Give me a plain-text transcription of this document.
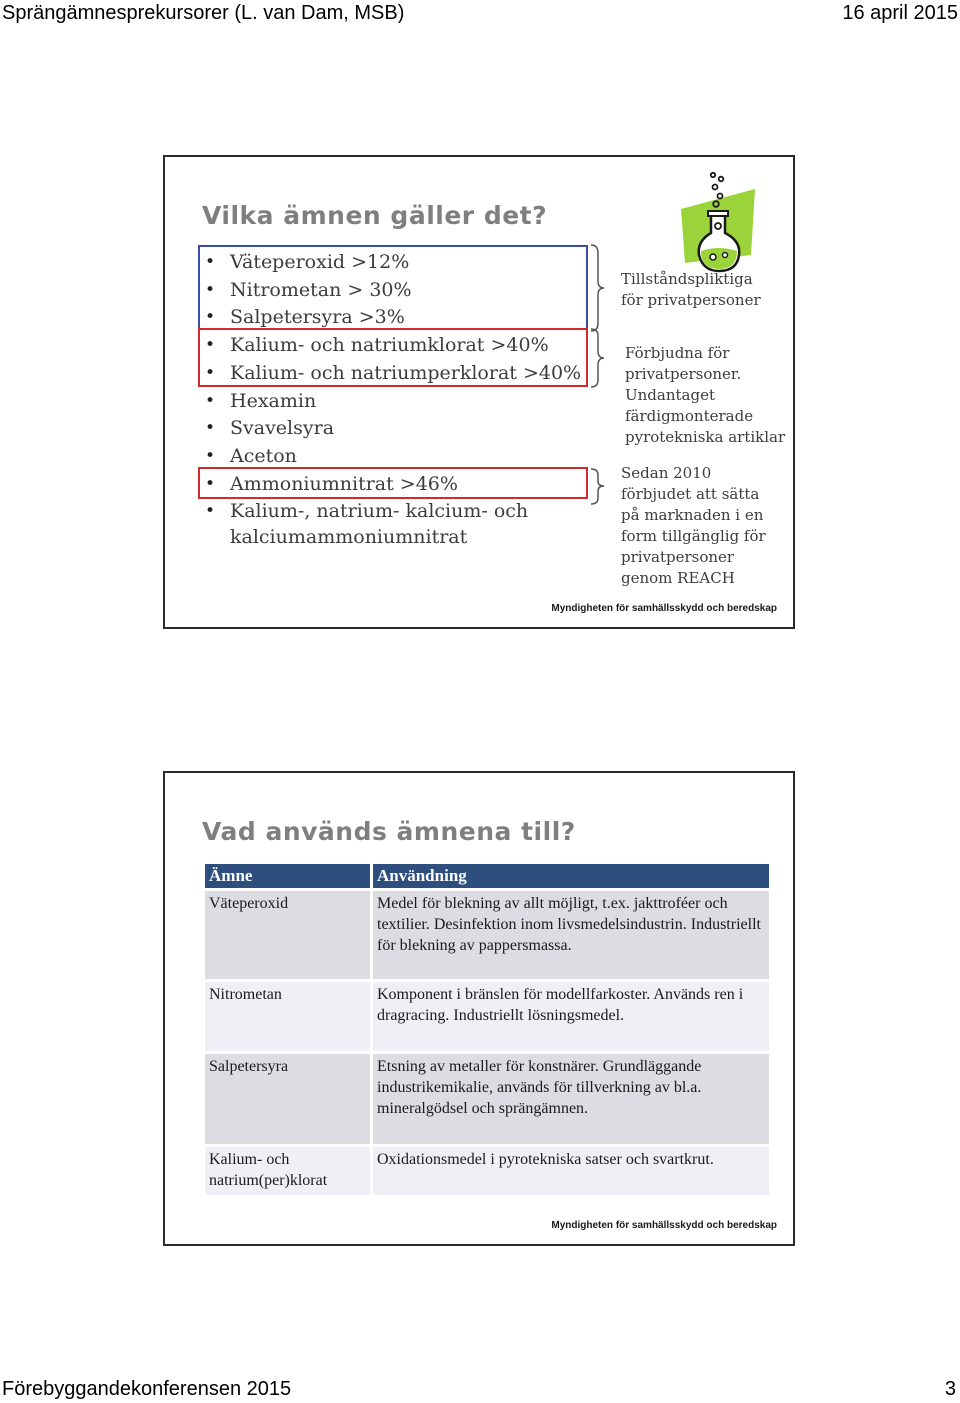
Sprängämnesprekursorer (L. van Dam, MSB)	16 april 2015
Vilka ämnen gäller det?
• Väteperoxid >12%
• Nitrometan > 30%
• Salpetersyra >3%
• Kalium- och natriumklorat >40%
• Kalium- och natriumperklorat >40%
• Hexamin
• Svavelsyra
• Aceton
• Ammoniumnitrat >46%
• Kalium-, natrium- kalcium- och
kalciumammoniumnitrat
Tillståndspliktiga
för privatpersoner
Förbjudna för
privatpersoner.
Undantaget
färdigmonterade
pyrotekniska artiklar
Sedan 2010
förbjudet att sätta
på marknaden i en
form tillgänglig för
privatpersoner
genom REACH
Myndigheten för samhällsskydd och beredskap
Vad används ämnena till?
Ämne	Användning
Väteperoxid	Medel för blekning av allt möjligt, t.ex. jakttroféer och textilier. Desinfektion inom livsmedelsindustrin. Industriellt för blekning av pappersmassa.
Nitrometan	Komponent i bränslen för modellfarkoster. Används ren i dragracing. Industriellt lösningsmedel.
Salpetersyra	Etsning av metaller för konstnärer. Grundläggande industrikemikalie, används för tillverkning av bl.a. mineralgödsel och sprängämnen.
Kalium- och natrium(per)klorat	Oxidationsmedel i pyrotekniska satser och svartkrut.
Myndigheten för samhällsskydd och beredskap
Förebyggandekonferensen 2015	3
